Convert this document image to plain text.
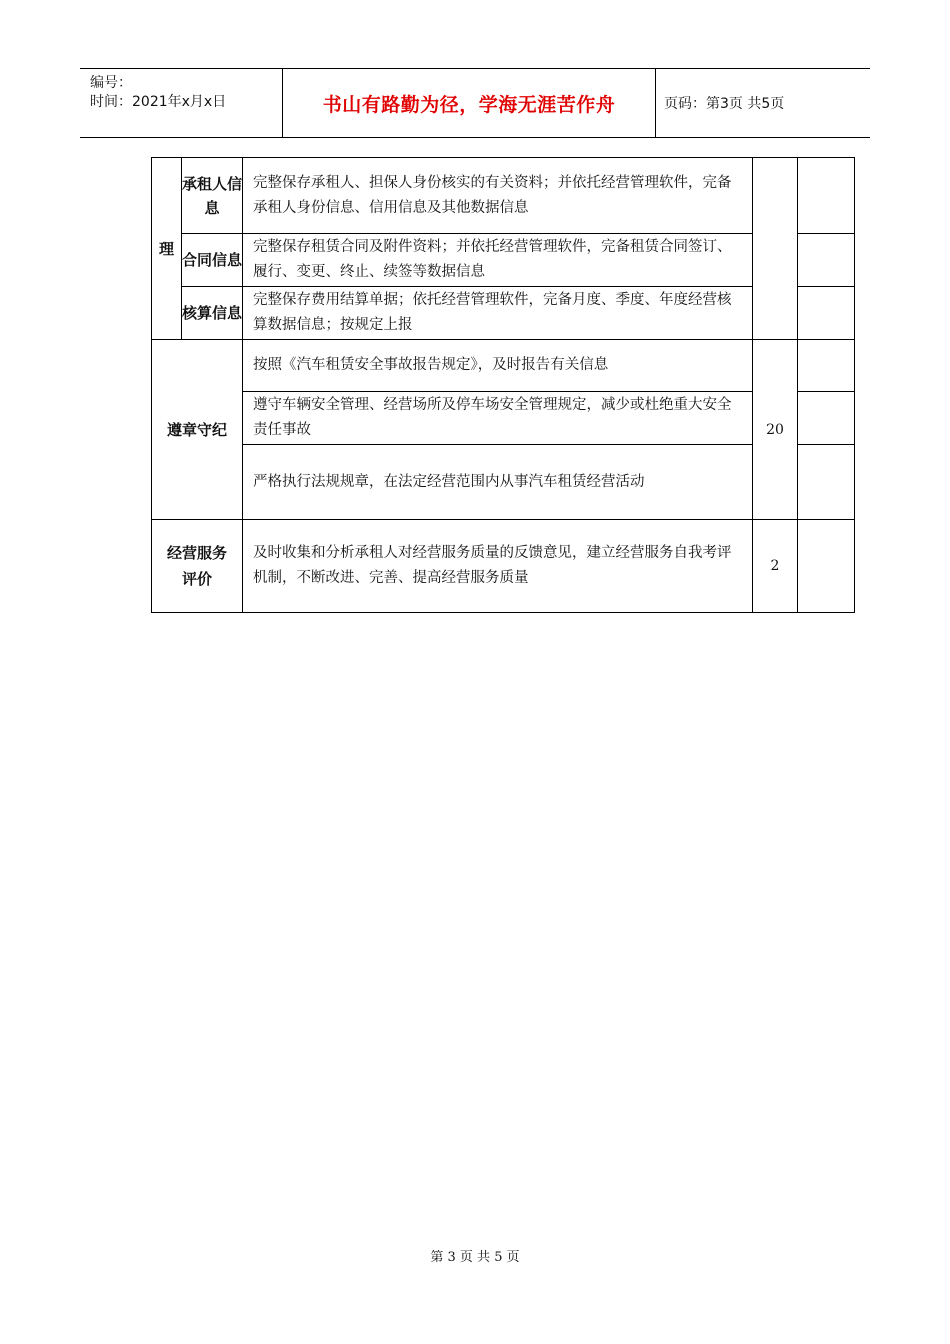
编号：
时间：2021年x月x日	书山有路勤为径，学海无涯苦作舟	页码：第3页 共5页
理	承租人信息	完整保存承租人、担保人身份核实的有关资料；并依托经营管理软件，完备承租人身份信息、信用信息及其他数据信息		
	合同信息	完整保存租赁合同及附件资料；并依托经营管理软件，完备租赁合同签订、履行、变更、终止、续签等数据信息		
	核算信息	完整保存费用结算单据；依托经营管理软件，完备月度、季度、年度经营核算数据信息；按规定上报		
遵章守纪		按照《汽车租赁安全事故报告规定》，及时报告有关信息	20	
		遵守车辆安全管理、经营场所及停车场安全管理规定，减少或杜绝重大安全责任事故		
		严格执行法规规章，在法定经营范围内从事汽车租赁经营活动		
经营服务评价		及时收集和分析承租人对经营服务质量的反馈意见，建立经营服务自我考评机制，不断改进、完善、提高经营服务质量	2	
第 3 页 共 5 页
